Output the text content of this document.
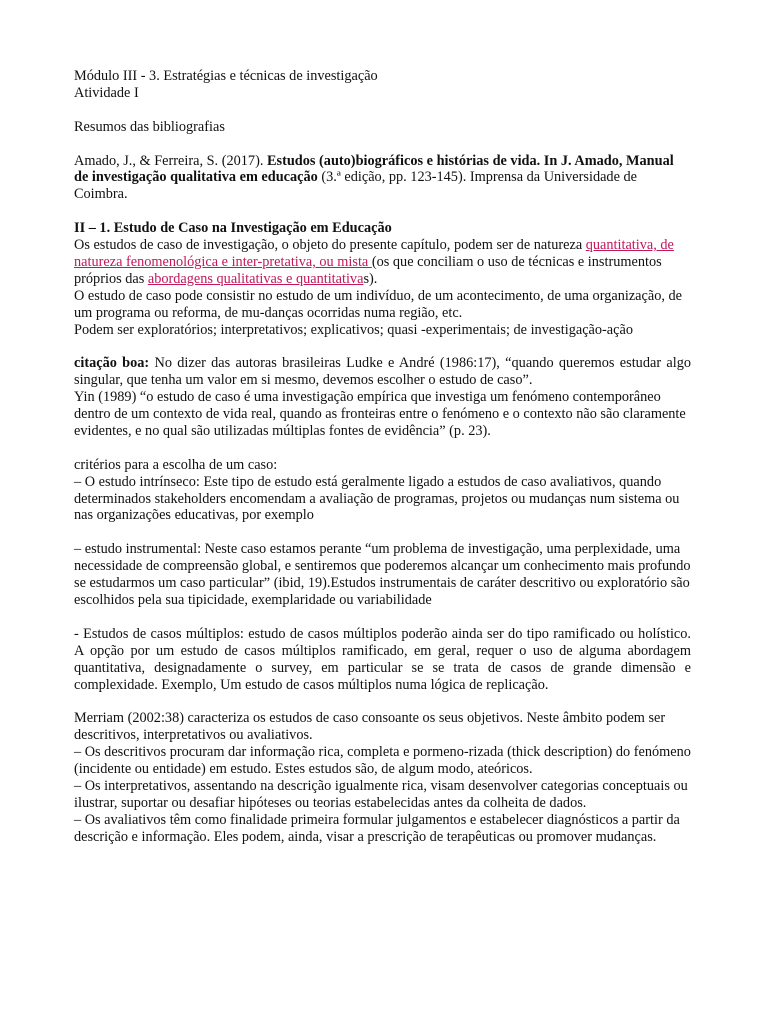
Módulo III - 3. Estratégias e técnicas de investigação

Atividade I

Resumos das bibliografias

Amado, J., & Ferreira, S. (2017). Estudos (auto)biográficos e histórias de vida. In J. Amado, Manual de investigação qualitativa em educação (3.ª edição, pp. 123-145). Imprensa da Universidade de Coimbra.

II – 1. Estudo de Caso na Investigação em Educação

Os estudos de caso de investigação, o objeto do presente capítulo, podem ser de natureza quantitativa, de natureza fenomenológica e inter-pretativa, ou mista (os que conciliam o uso de técnicas e instrumentos próprios das abordagens qualitativas e quantitativas).

O estudo de caso pode consistir no estudo de um indivíduo, de um acontecimento, de uma organização, de um programa ou reforma, de mu-danças ocorridas numa região, etc.

Podem ser exploratórios; interpretativos; explicativos; quasi -experimentais; de investigação-ação

citação boa: No dizer das autoras brasileiras Ludke e André (1986:17), “quando queremos estudar algo singular, que tenha um valor em si mesmo, devemos escolher o estudo de caso”.

Yin (1989) “o estudo de caso é uma investigação empírica que investiga um fenómeno contemporâneo dentro de um contexto de vida real, quando as fronteiras entre o fenómeno e o contexto não são claramente evidentes, e no qual são utilizadas múltiplas fontes de evidência” (p. 23).

critérios para a escolha de um caso:

– O estudo intrínseco: Este tipo de estudo está geralmente ligado a estudos de caso avaliativos, quando determinados stakeholders encomendam a avaliação de programas, projetos ou mudanças num sistema ou nas organizações educativas, por exemplo

– estudo instrumental: Neste caso estamos perante “um problema de investigação, uma perplexidade, uma necessidade de compreensão global, e sentiremos que poderemos alcançar um conhecimento mais profundo se estudarmos um caso particular” (ibid, 19).Estudos instrumentais de caráter descritivo ou exploratório são escolhidos pela sua tipicidade, exemplaridade ou variabilidade

- Estudos de casos múltiplos: estudo de casos múltiplos poderão ainda ser do tipo ramificado ou holístico. A opção por um estudo de casos múltiplos ramificado, em geral, requer o uso de alguma abordagem quantitativa, designadamente o survey, em particular se se trata de casos de grande dimensão e complexidade. Exemplo, Um estudo de casos múltiplos numa lógica de replicação.

Merriam (2002:38) caracteriza os estudos de caso consoante os seus objetivos. Neste âmbito podem ser descritivos, interpretativos ou avaliativos.

– Os descritivos procuram dar informação rica, completa e pormeno-rizada (thick description) do fenómeno (incidente ou entidade) em estudo. Estes estudos são, de algum modo, ateóricos.

– Os interpretativos, assentando na descrição igualmente rica, visam desenvolver categorias conceptuais ou ilustrar, suportar ou desafiar hipóteses ou teorias estabelecidas antes da colheita de dados.

– Os avaliativos têm como finalidade primeira formular julgamentos e estabelecer diagnósticos a partir da descrição e informação. Eles podem, ainda, visar a prescrição de terapêuticas ou promover mudanças.
